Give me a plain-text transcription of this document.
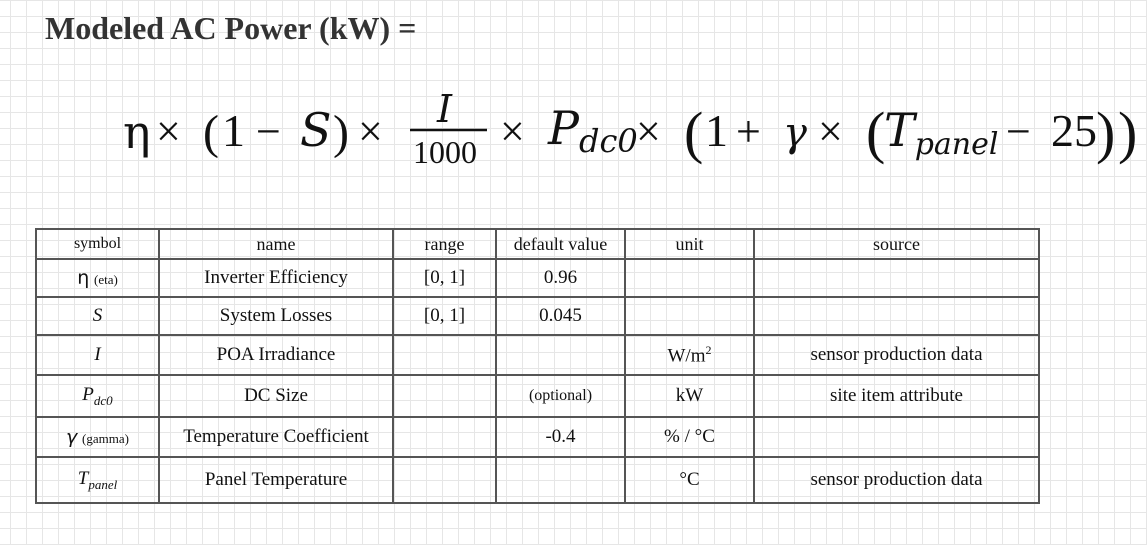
Modeled AC Power (kW) =
η × ( 1 − S ) × I
1000 × Pdc0
× ( 1 + γ × (
Tpanel − 25 ) )
symbol	name	range	default value	unit	source
η (eta)	Inverter Efficiency	[0, 1]	0.96		
S	System Losses	[0, 1]	0.045		
I	POA Irradiance			$W/m^2$	sensor production data
$P_{dc0}$	DC Size		(optional)	kW	site item attribute
γ (gamma)	Temperature Coefficient		-0.4	% / °C	
$T_{panel}$	Panel Temperature			°C	sensor production data
